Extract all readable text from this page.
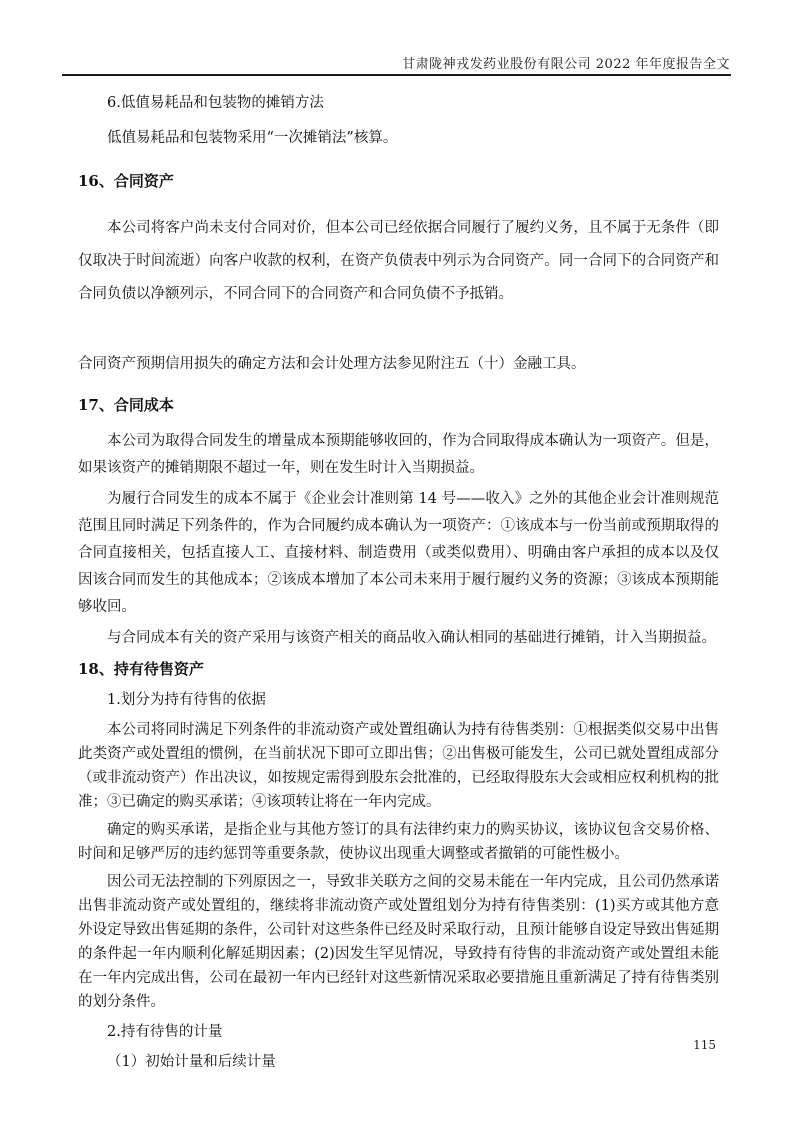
甘肃陇神戎发药业股份有限公司 2022 年年度报告全文
6.低值易耗品和包装物的摊销方法
低值易耗品和包装物采用“一次摊销法”核算。
16、合同资产
本公司将客户尚未支付合同对价，但本公司已经依据合同履行了履约义务，且不属于无条件（即仅取决于时间流逝）向客户收款的权利，在资产负债表中列示为合同资产。同一合同下的合同资产和合同负债以净额列示，不同合同下的合同资产和合同负债不予抵销。
合同资产预期信用损失的确定方法和会计处理方法参见附注五（十）金融工具。
17、合同成本
本公司为取得合同发生的增量成本预期能够收回的，作为合同取得成本确认为一项资产。但是，如果该资产的摊销期限不超过一年，则在发生时计入当期损益。
为履行合同发生的成本不属于《企业会计准则第 14 号——收入》之外的其他企业会计准则规范范围且同时满足下列条件的，作为合同履约成本确认为一项资产：①该成本与一份当前或预期取得的合同直接相关，包括直接人工、直接材料、制造费用（或类似费用）、明确由客户承担的成本以及仅因该合同而发生的其他成本；②该成本增加了本公司未来用于履行履约义务的资源；③该成本预期能够收回。
与合同成本有关的资产采用与该资产相关的商品收入确认相同的基础进行摊销，计入当期损益。
18、持有待售资产
1.划分为持有待售的依据
本公司将同时满足下列条件的非流动资产或处置组确认为持有待售类别：①根据类似交易中出售此类资产或处置组的惯例，在当前状况下即可立即出售；②出售极可能发生，公司已就处置组成部分（或非流动资产）作出决议，如按规定需得到股东会批准的，已经取得股东大会或相应权利机构的批准；③已确定的购买承诺；④该项转让将在一年内完成。
确定的购买承诺，是指企业与其他方签订的具有法律约束力的购买协议，该协议包含交易价格、时间和足够严厉的违约惩罚等重要条款，使协议出现重大调整或者撤销的可能性极小。
因公司无法控制的下列原因之一，导致非关联方之间的交易未能在一年内完成，且公司仍然承诺出售非流动资产或处置组的，继续将非流动资产或处置组划分为持有待售类别：(1)买方或其他方意外设定导致出售延期的条件，公司针对这些条件已经及时采取行动，且预计能够自设定导致出售延期的条件起一年内顺利化解延期因素；(2)因发生罕见情况，导致持有待售的非流动资产或处置组未能在一年内完成出售，公司在最初一年内已经针对这些新情况采取必要措施且重新满足了持有待售类别的划分条件。
2.持有待售的计量
（1）初始计量和后续计量
115
